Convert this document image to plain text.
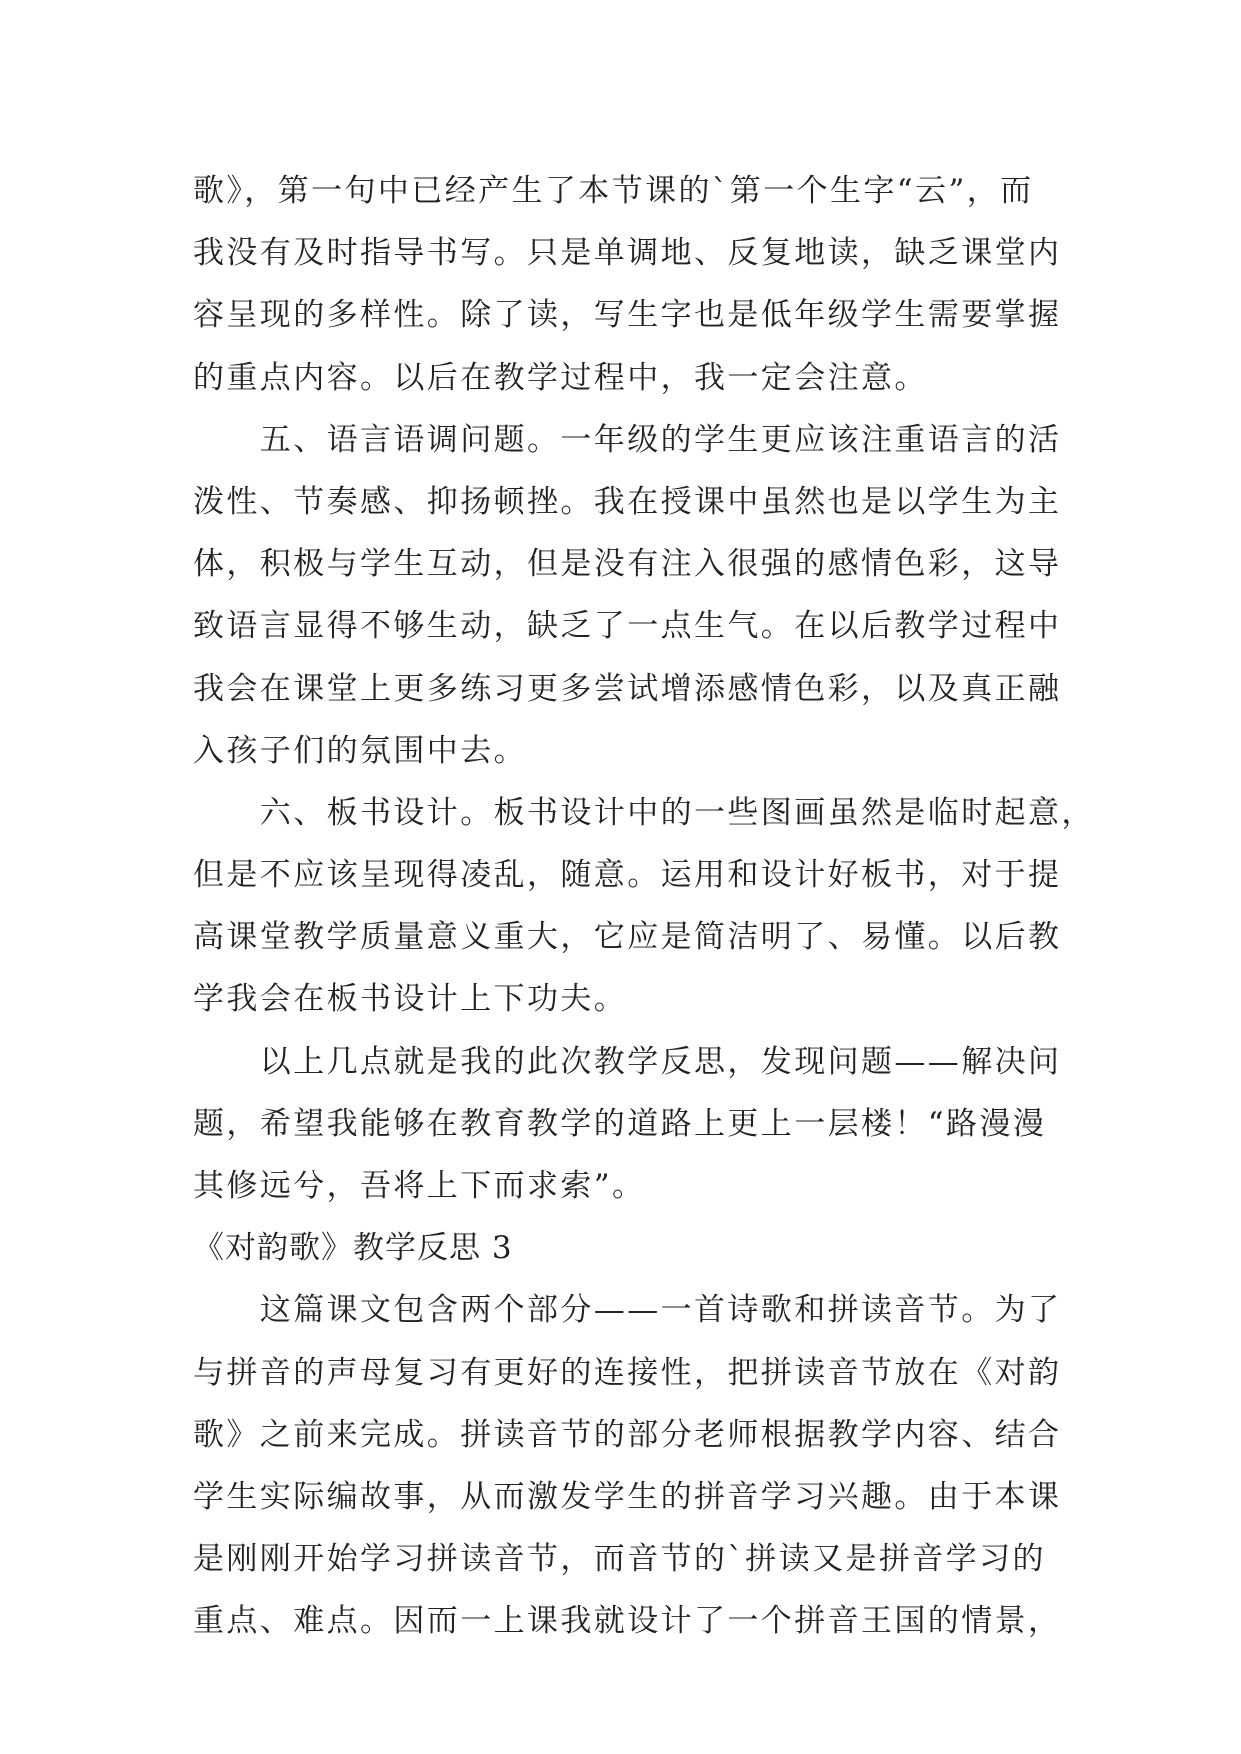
歌》，第一句中已经产生了本节课的`第一个生字“云”，而
我没有及时指导书写。只是单调地、反复地读，缺乏课堂内
容呈现的多样性。除了读，写生字也是低年级学生需要掌握
的重点内容。以后在教学过程中，我一定会注意。
　　五、语言语调问题。一年级的学生更应该注重语言的活
泼性、节奏感、抑扬顿挫。我在授课中虽然也是以学生为主
体，积极与学生互动，但是没有注入很强的感情色彩，这导
致语言显得不够生动，缺乏了一点生气。在以后教学过程中
我会在课堂上更多练习更多尝试增添感情色彩，以及真正融
入孩子们的氛围中去。
　　六、板书设计。板书设计中的一些图画虽然是临时起意，
但是不应该呈现得凌乱，随意。运用和设计好板书，对于提
高课堂教学质量意义重大，它应是简洁明了、易懂。以后教
学我会在板书设计上下功夫。
　　以上几点就是我的此次教学反思，发现问题——解决问
题，希望我能够在教育教学的道路上更上一层楼！“路漫漫
其修远兮，吾将上下而求索”。
《对韵歌》教学反思 3
　　这篇课文包含两个部分——一首诗歌和拼读音节。为了
与拼音的声母复习有更好的连接性，把拼读音节放在《对韵
歌》之前来完成。拼读音节的部分老师根据教学内容、结合
学生实际编故事，从而激发学生的拼音学习兴趣。由于本课
是刚刚开始学习拼读音节，而音节的`拼读又是拼音学习的
重点、难点。因而一上课我就设计了一个拼音王国的情景，
